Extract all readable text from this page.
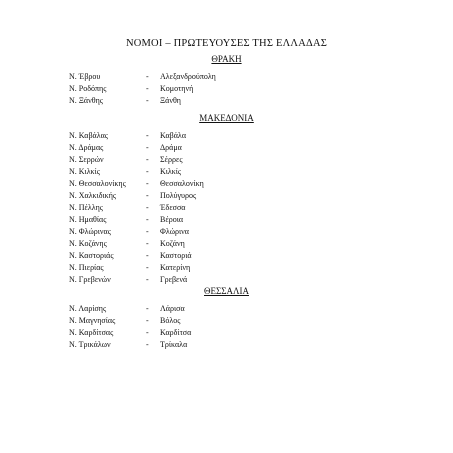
ΝΟΜΟΙ – ΠΡΩΤΕΥΟΥΣΕΣ ΤΗΣ ΕΛΛΑΔΑΣ
ΘΡΑΚΗ
Ν. Έβρου	- Αλεξανδρούπολη
Ν. Ροδόπης	- Κομοτηνή
Ν. Ξάνθης	- Ξάνθη
ΜΑΚΕΔΟΝΙΑ
Ν. Καβάλας	- Καβάλα
Ν. Δράμας	- Δράμα
Ν. Σερρών	- Σέρρες
Ν. Κιλκίς	- Κιλκίς
Ν. Θεσσαλονίκης	- Θεσσαλονίκη
Ν. Χαλκιδικής	- Πολύγυρος
Ν. Πέλλης	- Έδεσσα
Ν. Ημαθίας	- Βέροια
Ν. Φλώρινας	- Φλώρινα
Ν. Κοζάνης	- Κοζάνη
Ν. Καστοριάς	- Καστοριά
Ν. Πιερίας	- Κατερίνη
Ν. Γρεβενών	- Γρεβενά
ΘΕΣΣΑΛΙΑ
Ν. Λαρίσης	- Λάρισα
Ν. Μαγνησίας	- Βόλος
Ν. Καρδίτσας	- Καρδίτσα
Ν. Τρικάλων	- Τρίκαλα
